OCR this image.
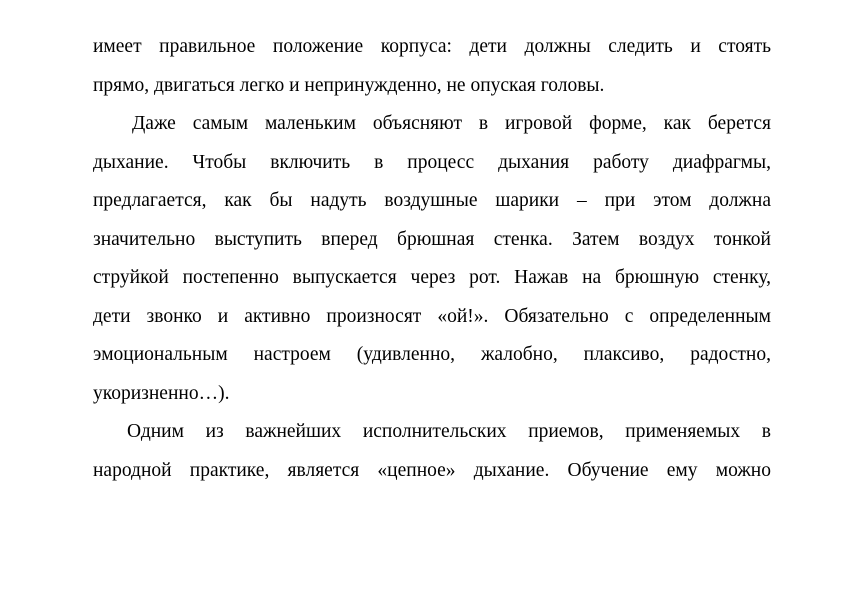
имеет правильное положение корпуса: дети должны следить и стоять
прямо, двигаться легко и непринужденно, не опуская головы.
Даже самым маленьким объясняют в игровой форме, как берется
дыхание. Чтобы включить в процесс дыхания работу диафрагмы,
предлагается, как бы надуть воздушные шарики – при этом должна
значительно выступить вперед брюшная стенка. Затем воздух тонкой
струйкой постепенно выпускается через рот. Нажав на брюшную стенку,
дети звонко и активно произносят «ой!». Обязательно с определенным
эмоциональным настроем (удивленно, жалобно, плаксиво, радостно,
укоризненно…).
Одним из важнейших исполнительских приемов, применяемых в
народной практике, является «цепное» дыхание. Обучение ему можно
